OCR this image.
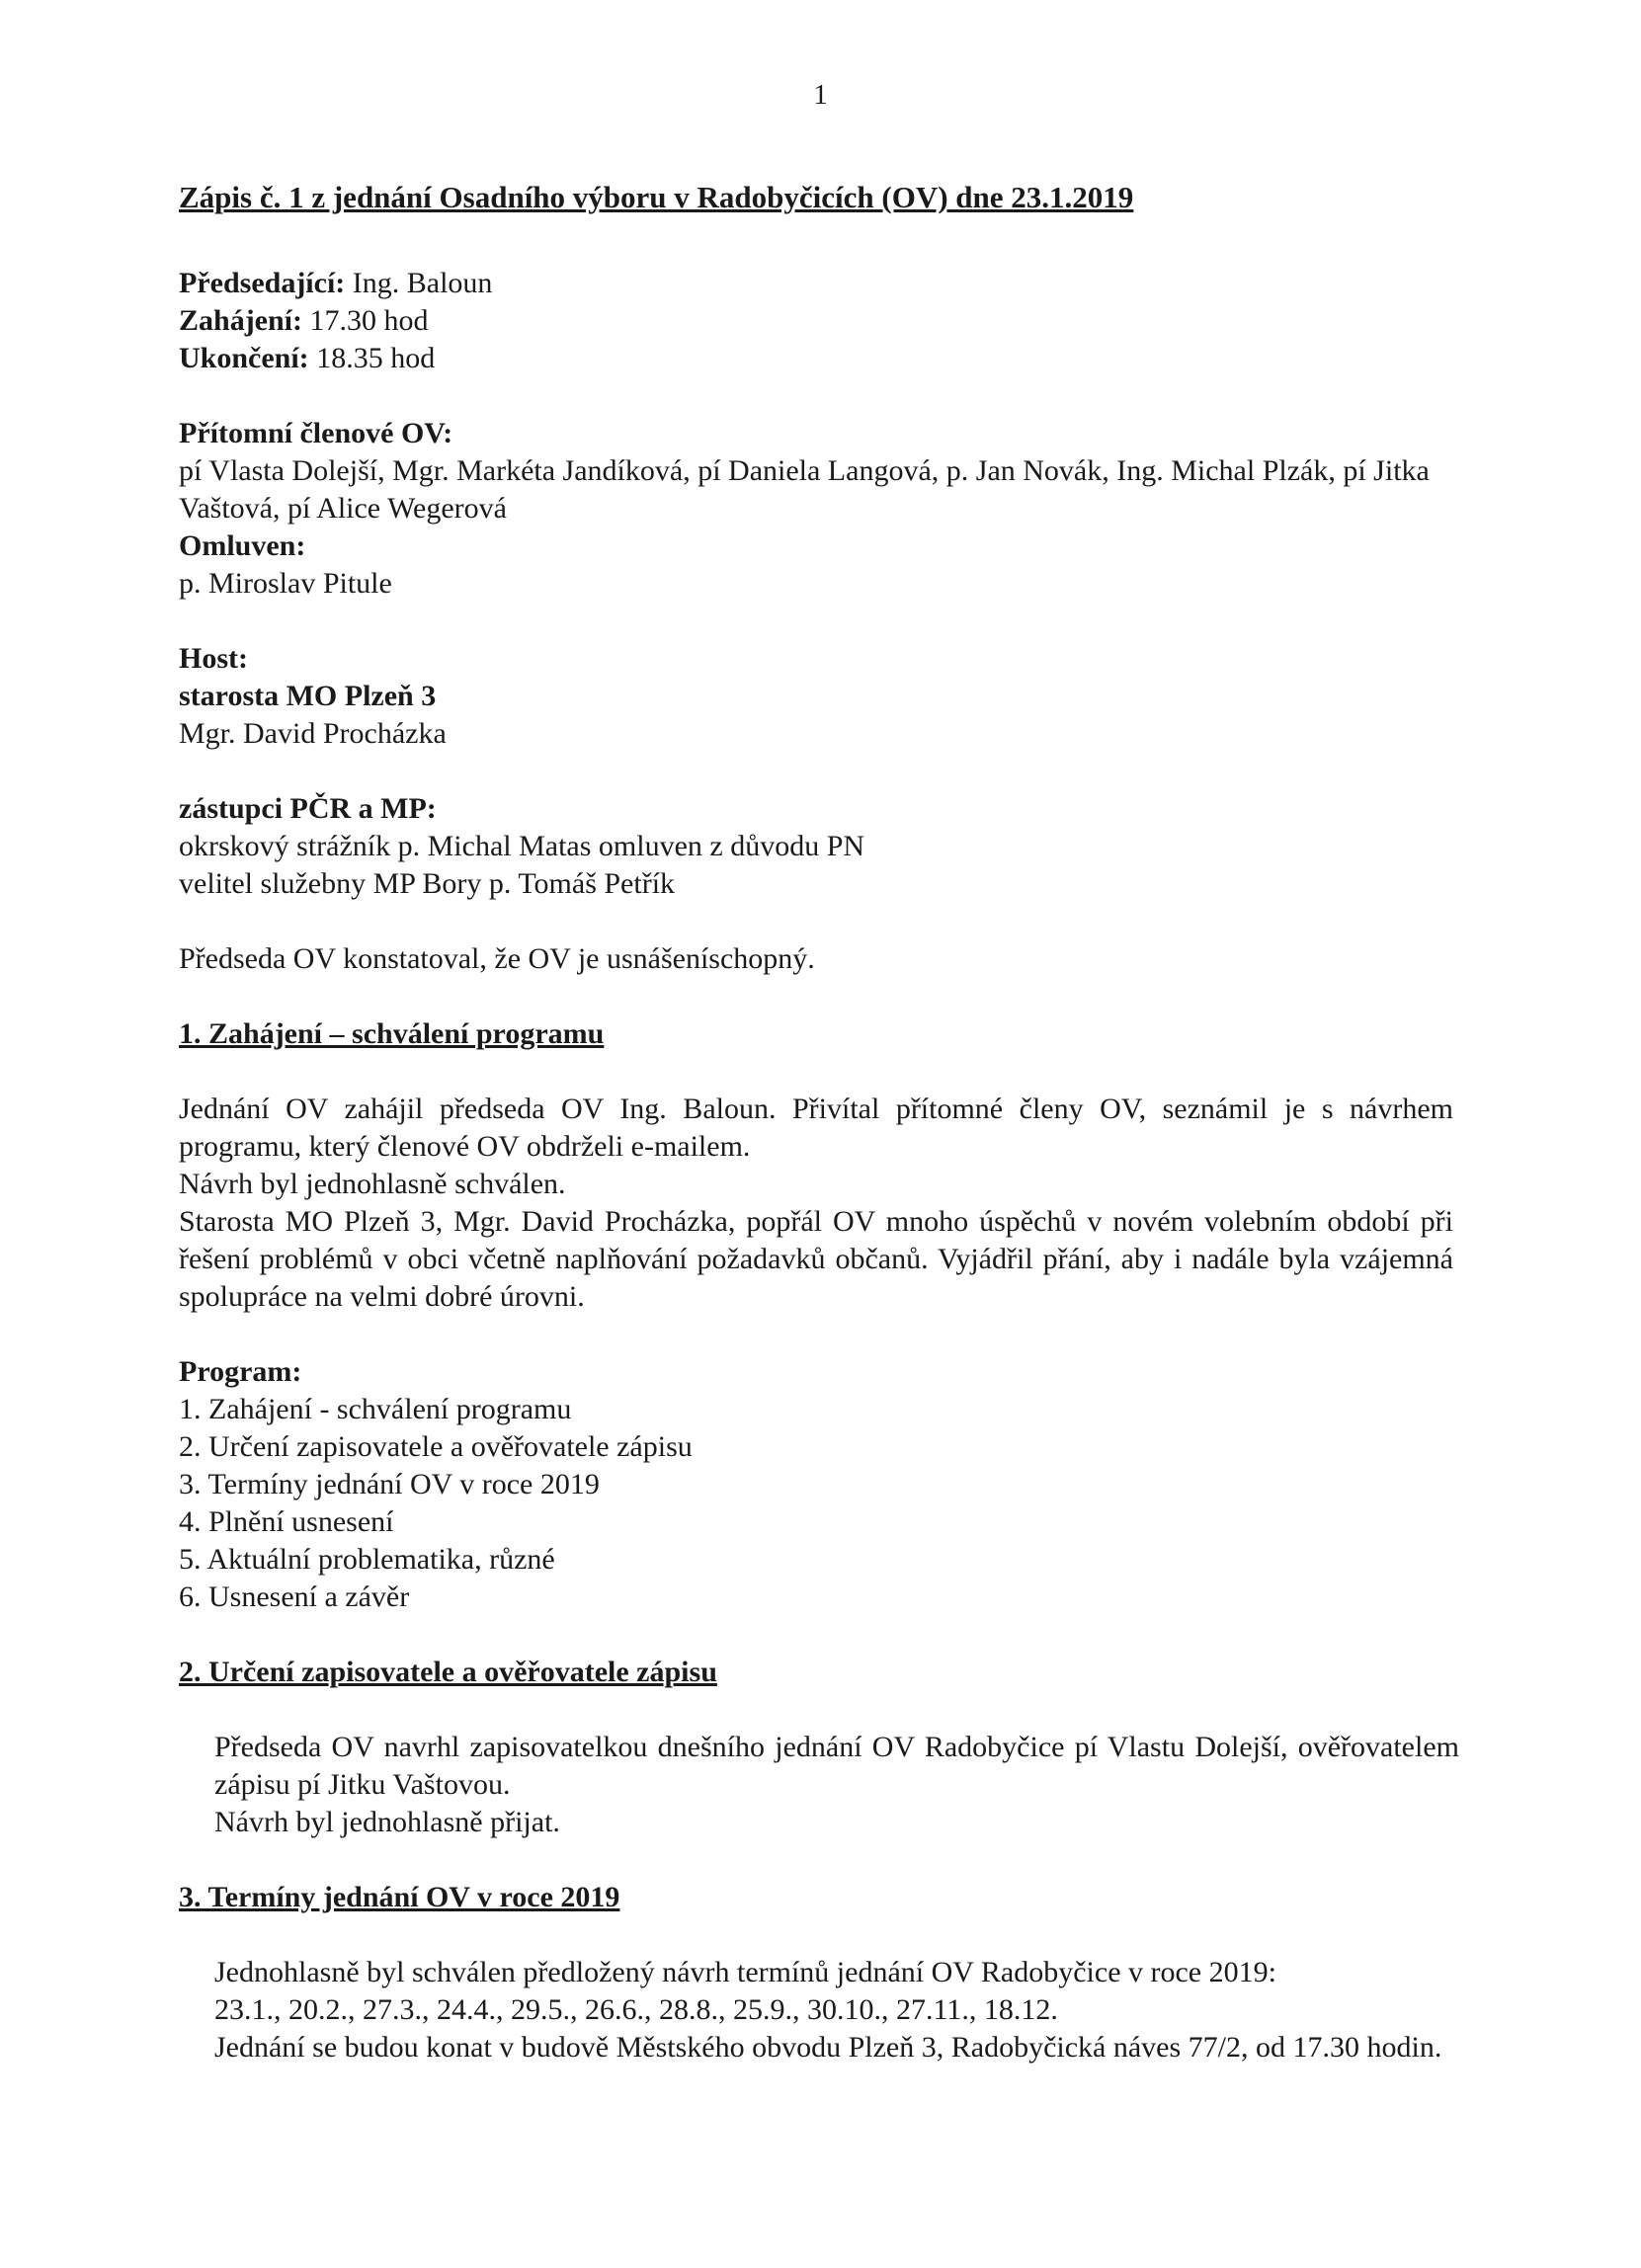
1

Zápis č. 1 z jednání Osadního výboru v Radobyčicích (OV) dne 23.1.2019

Předsedající: Ing. Baloun

Zahájení: 17.30 hod

Ukončení: 18.35 hod

Přítomní členové OV:

pí Vlasta Dolejší, Mgr. Markéta Jandíková, pí Daniela Langová, p. Jan Novák, Ing. Michal Plzák, pí Jitka Vaštová, pí Alice Wegerová

Omluven:

p. Miroslav Pitule

Host:

starosta MO Plzeň 3

Mgr. David Procházka

zástupci PČR a MP:

okrskový strážník p. Michal Matas omluven z důvodu PN

velitel služebny MP Bory p. Tomáš Petřík

Předseda OV konstatoval, že OV je usnášeníschopný.

1. Zahájení – schválení programu

Jednání OV zahájil předseda OV Ing. Baloun. Přivítal přítomné členy OV, seznámil je s návrhem programu, který členové OV obdrželi e-mailem.

Návrh byl jednohlasně schválen.

Starosta MO Plzeň 3, Mgr. David Procházka, popřál OV mnoho úspěchů v novém volebním období při řešení problémů v obci včetně naplňování požadavků občanů. Vyjádřil přání, aby i nadále byla vzájemná spolupráce na velmi dobré úrovni.

Program:

1. Zahájení - schválení programu

2. Určení zapisovatele a ověřovatele zápisu

3. Termíny jednání OV v roce 2019

4. Plnění usnesení

5. Aktuální problematika, různé

6. Usnesení a závěr

2. Určení zapisovatele a ověřovatele zápisu

Předseda OV navrhl zapisovatelkou dnešního jednání OV Radobyčice pí Vlastu Dolejší, ověřovatelem zápisu pí Jitku Vaštovou.

Návrh byl jednohlasně přijat.

3. Termíny jednání OV v roce 2019

Jednohlasně byl schválen předložený návrh termínů jednání OV Radobyčice v roce 2019:

23.1., 20.2., 27.3., 24.4., 29.5., 26.6., 28.8., 25.9., 30.10., 27.11., 18.12.

Jednání se budou konat v budově Městského obvodu Plzeň 3, Radobyčická náves 77/2, od 17.30 hodin.
